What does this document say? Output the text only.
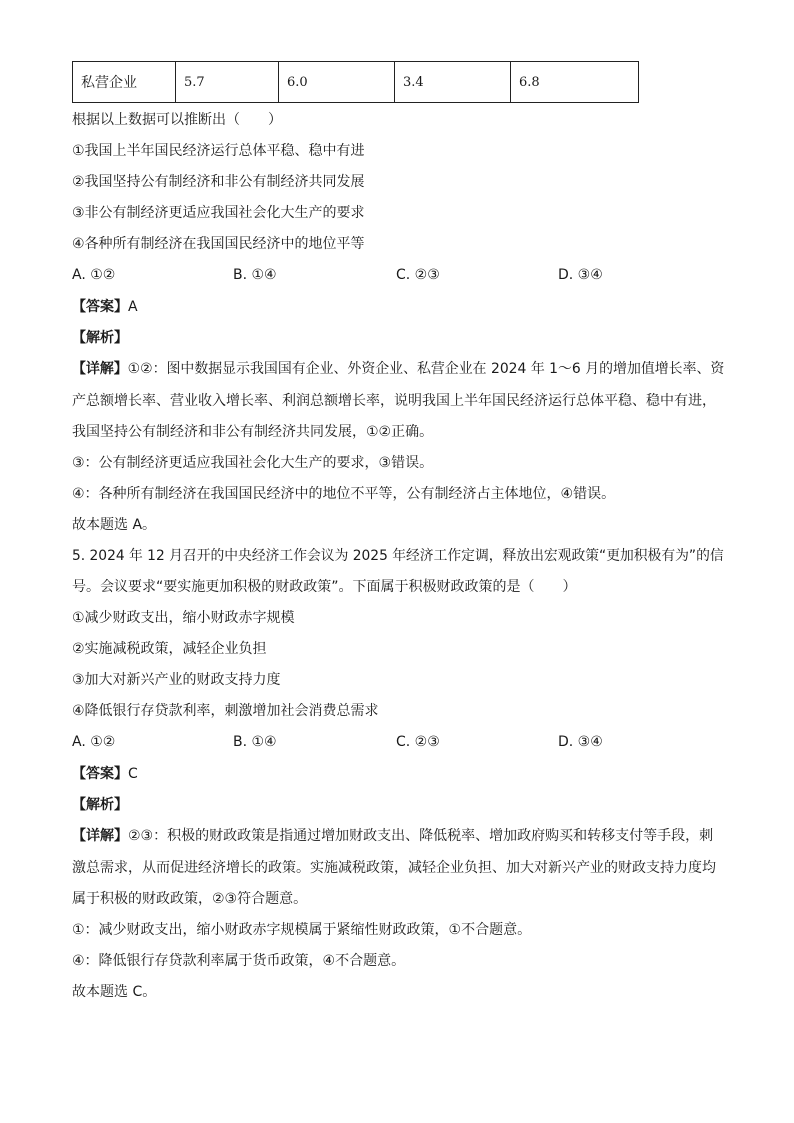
私营企业	5.7	6.0	3.4	6.8
根据以上数据可以推断出（　　）
①我国上半年国民经济运行总体平稳、稳中有进
②我国坚持公有制经济和非公有制经济共同发展
③非公有制经济更适应我国社会化大生产的要求
④各种所有制经济在我国国民经济中的地位平等
A. ①②	B. ①④	C. ②③	D. ③④
【答案】A
【解析】
【详解】①②：图中数据显示我国国有企业、外资企业、私营企业在 2024 年 1～6 月的增加值增长率、资
产总额增长率、营业收入增长率、利润总额增长率，说明我国上半年国民经济运行总体平稳、稳中有进，
我国坚持公有制经济和非公有制经济共同发展，①②正确。
③：公有制经济更适应我国社会化大生产的要求，③错误。
④：各种所有制经济在我国国民经济中的地位不平等，公有制经济占主体地位，④错误。
故本题选 A。
5. 2024 年 12 月召开的中央经济工作会议为 2025 年经济工作定调，释放出宏观政策“更加积极有为”的信
号。会议要求“要实施更加积极的财政政策”。下面属于积极财政政策的是（　　）
①减少财政支出，缩小财政赤字规模
②实施减税政策，减轻企业负担
③加大对新兴产业的财政支持力度
④降低银行存贷款利率，刺激增加社会消费总需求
A. ①②	B. ①④	C. ②③	D. ③④
【答案】C
【解析】
【详解】②③：积极的财政政策是指通过增加财政支出、降低税率、增加政府购买和转移支付等手段，刺
激总需求，从而促进经济增长的政策。实施减税政策，减轻企业负担、加大对新兴产业的财政支持力度均
属于积极的财政政策，②③符合题意。
①：减少财政支出，缩小财政赤字规模属于紧缩性财政政策，①不合题意。
④：降低银行存贷款利率属于货币政策，④不合题意。
故本题选 C。
